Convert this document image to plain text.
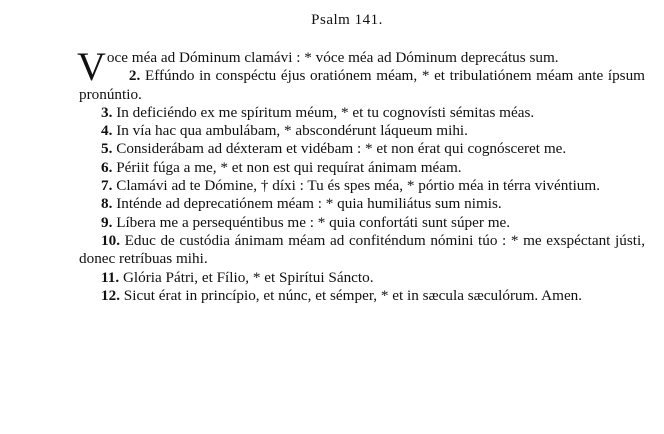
Psalm 141.

Voce méa ad Dóminum clamávi : * vóce méa ad Dóminum deprecátus sum.

2. Effúndo in conspéctu éjus oratiónem méam, * et tribulatiónem méam ante ípsum pronúntio.

3. In deficiéndo ex me spíritum méum, * et tu cognovísti sémitas méas.

4. In vía hac qua ambulábam, * abscondérunt láqueum mihi.

5. Considerábam ad déxteram et vidébam : * et non érat qui cognósceret me.

6. Périit fúga a me, * et non est qui requírat ánimam méam.

7. Clamávi ad te Dómine, † díxi : Tu és spes méa, * pórtio méa in térra vivéntium.

8. Inténde ad deprecatiónem méam : * quia humiliátus sum nimis.

9. Líbera me a persequéntibus me : * quia confortáti sunt súper me.

10. Educ de custódia ánimam méam ad confiténdum nómini túo : * me exspéctant jústi, donec retríbuas mihi.

11. Glória Pátri, et Fílio, * et Spirítui Sáncto.

12. Sicut érat in princípio, et núnc, et sémper, * et in sæcula sæculórum. Amen.
